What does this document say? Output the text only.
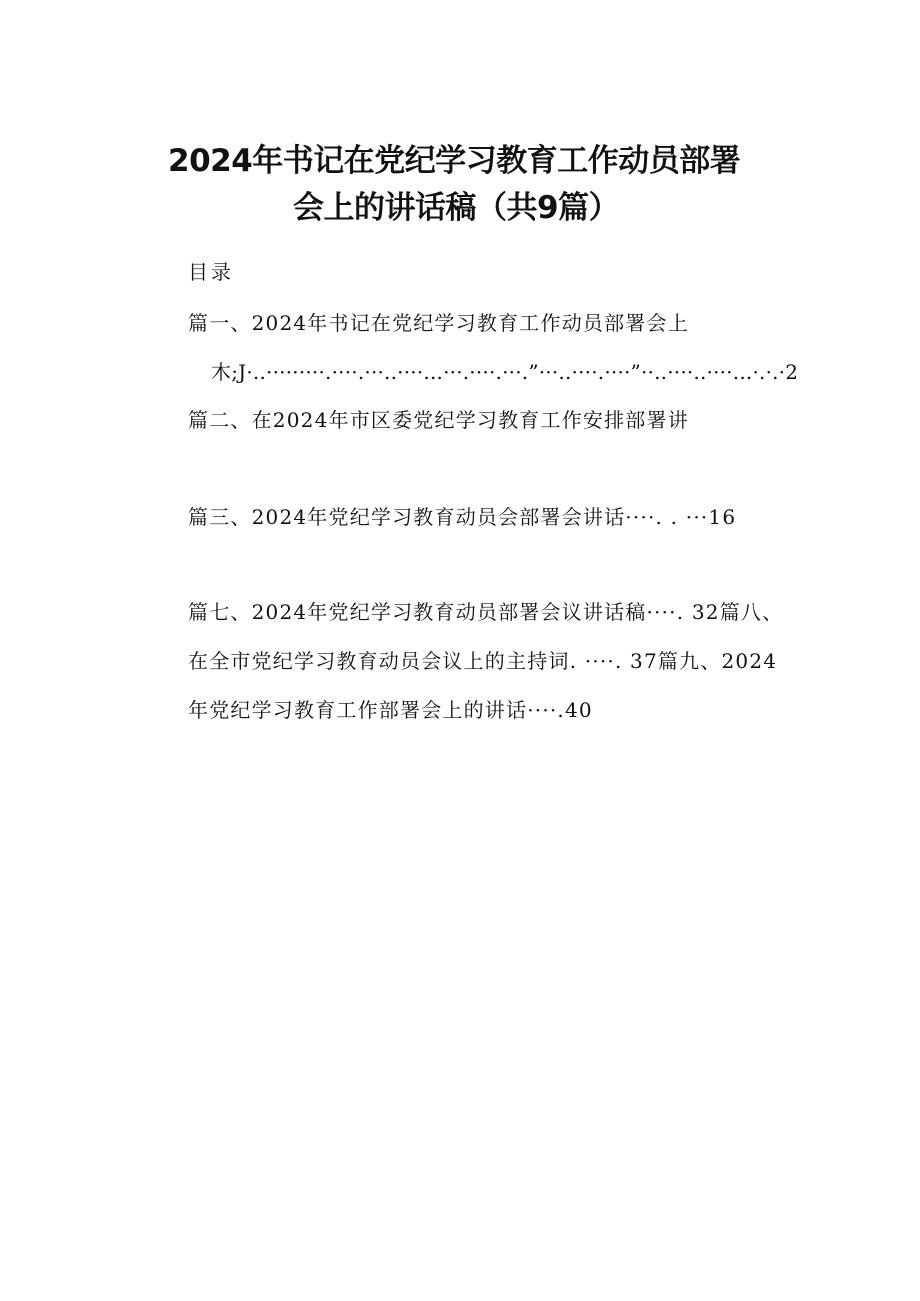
2024年书记在党纪学习教育工作动员部署
会上的讲话稿（共9篇）
目录
篇一、2024年书记在党纪学习教育工作动员部署会上
木;J·..·········.····.···..····...···.····.···.”···..····.····”··..····..····...·.·.·2
篇二、在2024年市区委党纪学习教育工作安排部署讲
篇三、2024年党纪学习教育动员会部署会讲话····. . ···16
篇七、2024年党纪学习教育动员部署会议讲话稿····. 32篇八、
在全市党纪学习教育动员会议上的主持词. ····. 37篇九、2024
年党纪学习教育工作部署会上的讲话····.40
